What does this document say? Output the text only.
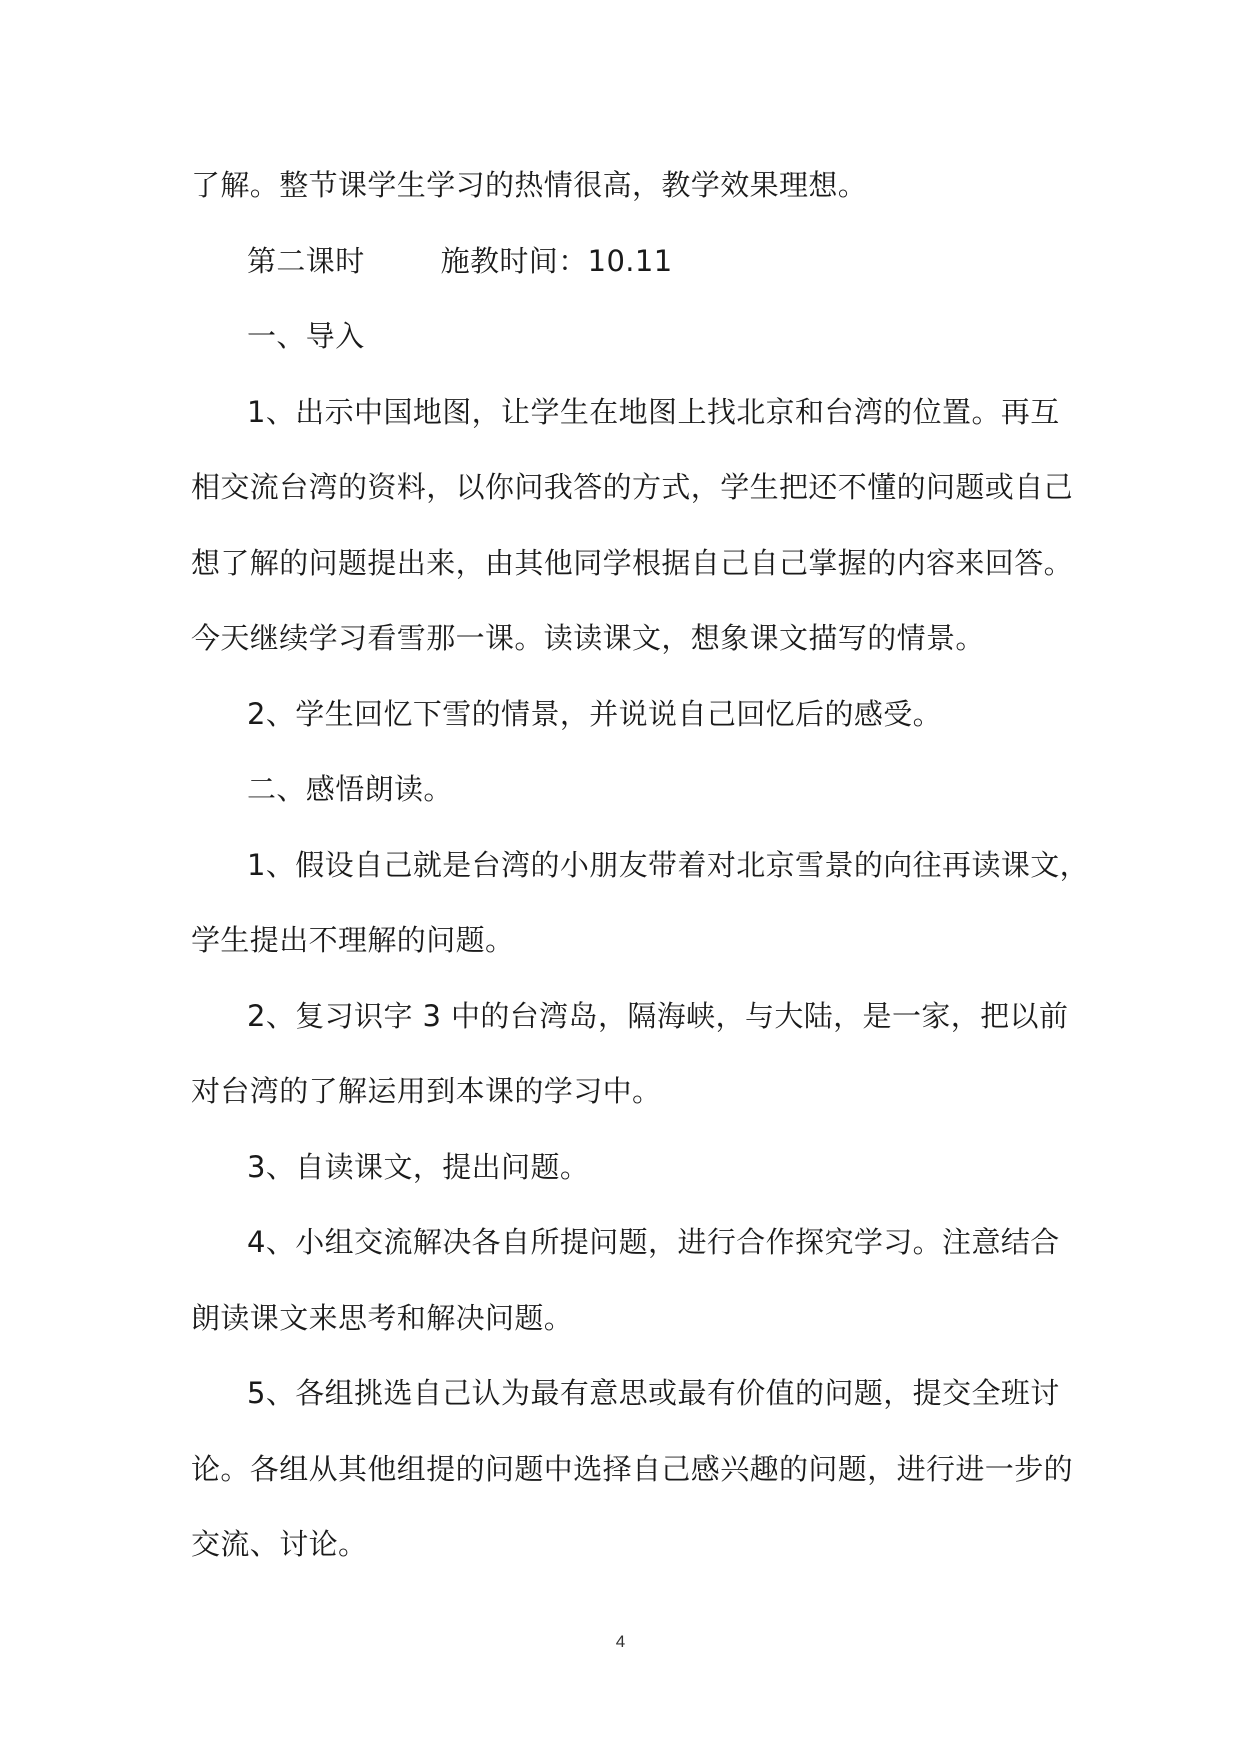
了解。整节课学生学习的热情很高，教学效果理想。
第二课时	施教时间：10.11
一、导入
1、出示中国地图，让学生在地图上找北京和台湾的位置。再互
相交流台湾的资料，以你问我答的方式，学生把还不懂的问题或自己
想了解的问题提出来，由其他同学根据自己自己掌握的内容来回答。
今天继续学习看雪那一课。读读课文，想象课文描写的情景。
2、学生回忆下雪的情景，并说说自己回忆后的感受。
二、感悟朗读。
1、假设自己就是台湾的小朋友带着对北京雪景的向往再读课文，
学生提出不理解的问题。
2、复习识字 3 中的台湾岛，隔海峡，与大陆，是一家，把以前
对台湾的了解运用到本课的学习中。
3、自读课文，提出问题。
4、小组交流解决各自所提问题，进行合作探究学习。注意结合
朗读课文来思考和解决问题。
5、各组挑选自己认为最有意思或最有价值的问题，提交全班讨
论。各组从其他组提的问题中选择自己感兴趣的问题，进行进一步的
交流、讨论。
4
